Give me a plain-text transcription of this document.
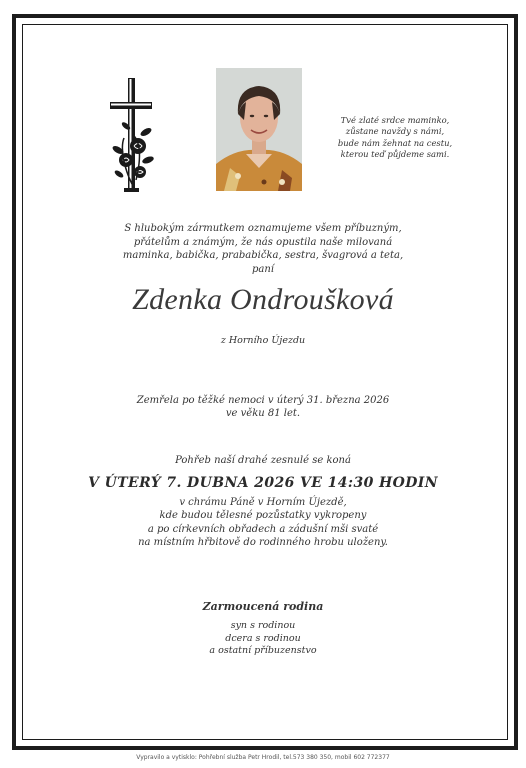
Tvé zlaté srdce maminko,
zůstane navždy s námi,
bude nám žehnat na cestu,
kterou teď půjdeme sami.
S hlubokým zármutkem oznamujeme všem příbuzným,
přátelům a známým, že nás opustila naše milovaná
maminka, babička, prababička, sestra, švagrová a teta,
paní
Zdenka Ondroušková
z Horního Újezdu
Zemřela po těžké nemoci v úterý 31. března 2026
ve věku 81 let.
Pohřeb naší drahé zesnulé se koná
V ÚTERÝ 7. DUBNA 2026 VE 14:30 HODIN
v chrámu Páně v Horním Újezdě,
kde budou tělesné pozůstatky vykropeny
a po církevních obřadech a zádušní mši svaté
na místním hřbitově do rodinného hrobu uloženy.
Zarmoucená rodina
syn s rodinou
dcera s rodinou
a ostatní příbuzenstvo
Vypravilo a vytisklo: Pohřební služba Petr Hrodil, tel.573 380 350, mobil 602 772377
